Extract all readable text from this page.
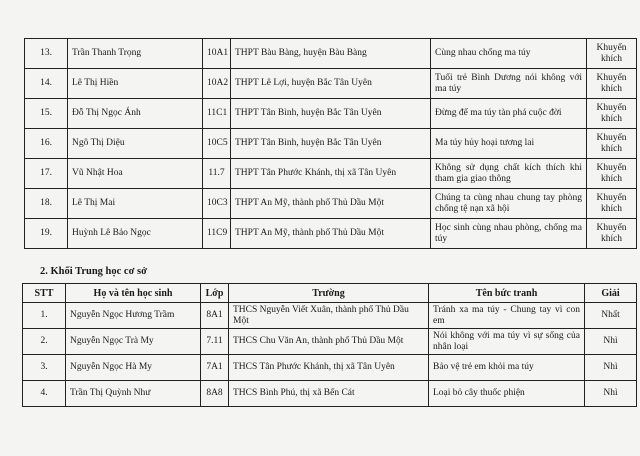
13.	Trần Thanh Trọng	10A1	THPT Bàu Bàng, huyện Bàu Bàng	Cùng nhau chống ma túy	Khuyến khích
14.	Lê Thị Hiền	10A2	THPT Lê Lợi, huyện Bắc Tân Uyên	Tuổi trẻ Bình Dương nói không với ma túy	Khuyến khích
15.	Đỗ Thị Ngọc Ánh	11C1	THPT Tân Bình, huyện Bắc Tân Uyên	Đừng để ma túy tàn phá cuộc đời	Khuyến khích
16.	Ngô Thị Diệu	10C5	THPT Tân Bình, huyện Bắc Tân Uyên	Ma túy hủy hoại tương lai	Khuyến khích
17.	Vũ Nhật Hoa	11.7	THPT Tân Phước Khánh, thị xã Tân Uyên	Không sử dụng chất kích thích khi tham gia giao thông	Khuyến khích
18.	Lê Thị Mai	10C3	THPT An Mỹ, thành phố Thủ Dầu Một	Chúng ta cùng nhau chung tay phòng chống tệ nạn xã hội	Khuyến khích
19.	Huỳnh Lê Bảo Ngọc	11C9	THPT An Mỹ, thành phố Thủ Dầu Một	Học sinh cùng nhau phòng, chống ma túy	Khuyến khích
2. Khối Trung học cơ sở
STT	Họ và tên học sinh	Lớp	Trường	Tên bức tranh	Giải
1.	Nguyễn Ngọc Hương Trầm	8A1	THCS Nguyễn Viết Xuân, thành phố Thủ Dầu Một	Tránh xa ma túy - Chung tay vì con em	Nhất
2.	Nguyễn Ngọc Trà My	7.11	THCS Chu Văn An, thành phố Thủ Dầu Một	Nói không với ma túy vì sự sống của nhân loại	Nhì
3.	Nguyễn Ngọc Hà My	7A1	THCS Tân Phước Khánh, thị xã Tân Uyên	Bảo vệ trẻ em khỏi ma túy	Nhì
4.	Trần Thị Quỳnh Như	8A8	THCS Bình Phú, thị xã Bến Cát	Loại bỏ cây thuốc phiện	Nhì
